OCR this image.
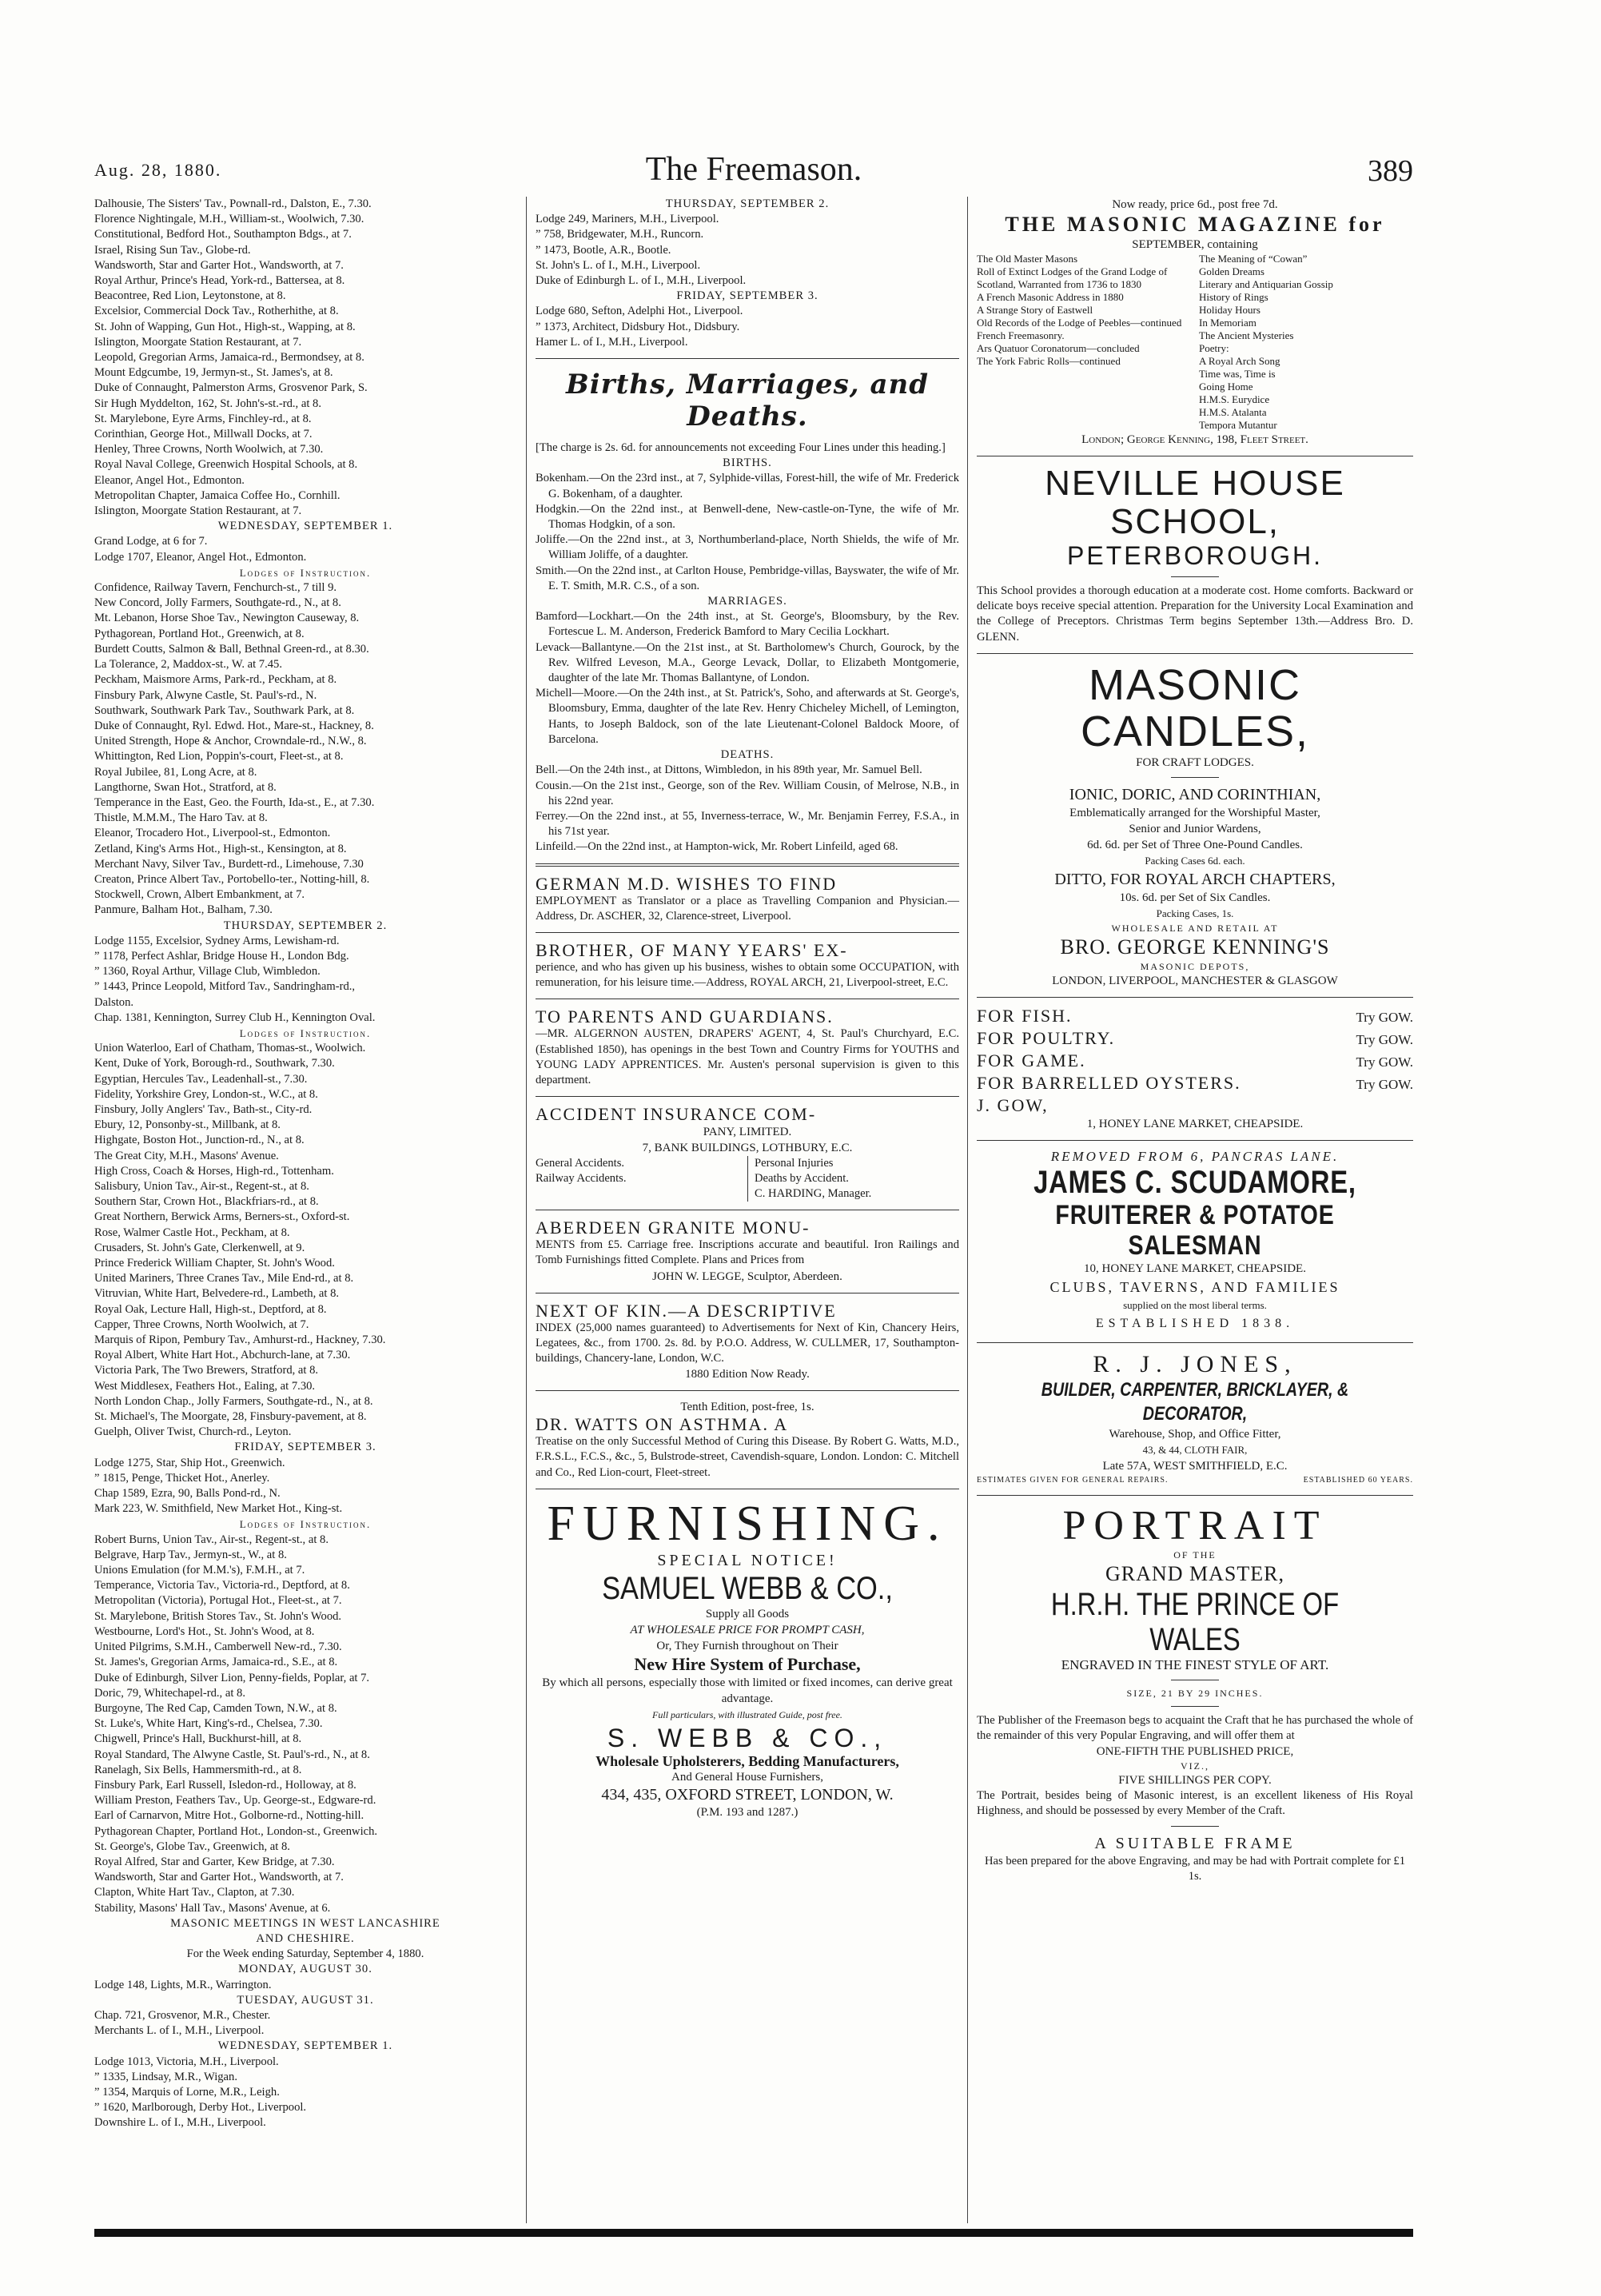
Aug. 28, 1880.	The Freemason.	389
Dalhousie, The Sisters' Tav., Pownall-rd., Dalston, E., 7.30.
Florence Nightingale, M.H., William-st., Woolwich, 7.30.
Constitutional, Bedford Hot., Southampton Bdgs., at 7.
Israel, Rising Sun Tav., Globe-rd.
Wandsworth, Star and Garter Hot., Wandsworth, at 7.
Royal Arthur, Prince's Head, York-rd., Battersea, at 8.
Beacontree, Red Lion, Leytonstone, at 8.
Excelsior, Commercial Dock Tav., Rotherhithe, at 8.
St. John of Wapping, Gun Hot., High-st., Wapping, at 8.
Islington, Moorgate Station Restaurant, at 7.
Leopold, Gregorian Arms, Jamaica-rd., Bermondsey, at 8.
Mount Edgcumbe, 19, Jermyn-st., St. James's, at 8.
Duke of Connaught, Palmerston Arms, Grosvenor Park, S.
Sir Hugh Myddelton, 162, St. John's-st.-rd., at 8.
St. Marylebone, Eyre Arms, Finchley-rd., at 8.
Corinthian, George Hot., Millwall Docks, at 7.
Henley, Three Crowns, North Woolwich, at 7.30.
Royal Naval College, Greenwich Hospital Schools, at 8.
Eleanor, Angel Hot., Edmonton.
Metropolitan Chapter, Jamaica Coffee Ho., Cornhill.
Islington, Moorgate Station Restaurant, at 7.
WEDNESDAY, SEPTEMBER 1.
Grand Lodge, at 6 for 7.
Lodge 1707, Eleanor, Angel Hot., Edmonton.
Lodges of Instruction.
Confidence, Railway Tavern, Fenchurch-st., 7 till 9.
New Concord, Jolly Farmers, Southgate-rd., N., at 8.
Mt. Lebanon, Horse Shoe Tav., Newington Causeway, 8.
Pythagorean, Portland Hot., Greenwich, at 8.
Burdett Coutts, Salmon & Ball, Bethnal Green-rd., at 8.30.
La Tolerance, 2, Maddox-st., W. at 7.45.
Peckham, Maismore Arms, Park-rd., Peckham, at 8.
Finsbury Park, Alwyne Castle, St. Paul's-rd., N.
Southwark, Southwark Park Tav., Southwark Park, at 8.
Duke of Connaught, Ryl. Edwd. Hot., Mare-st., Hackney, 8.
United Strength, Hope & Anchor, Crowndale-rd., N.W., 8.
Whittington, Red Lion, Poppin's-court, Fleet-st., at 8.
Royal Jubilee, 81, Long Acre, at 8.
Langthorne, Swan Hot., Stratford, at 8.
Temperance in the East, Geo. the Fourth, Ida-st., E., at 7.30.
Thistle, M.M.M., The Haro Tav. at 8.
Eleanor, Trocadero Hot., Liverpool-st., Edmonton.
Zetland, King's Arms Hot., High-st., Kensington, at 8.
Merchant Navy, Silver Tav., Burdett-rd., Limehouse, 7.30
Creaton, Prince Albert Tav., Portobello-ter., Notting-hill, 8.
Stockwell, Crown, Albert Embankment, at 7.
Panmure, Balham Hot., Balham, 7.30.
THURSDAY, SEPTEMBER 2.
Lodge 1155, Excelsior, Sydney Arms, Lewisham-rd.
” 1178, Perfect Ashlar, Bridge House H., London Bdg.
” 1360, Royal Arthur, Village Club, Wimbledon.
” 1443, Prince Leopold, Mitford Tav., Sandringham-rd.,
Dalston.
Chap. 1381, Kennington, Surrey Club H., Kennington Oval.
Lodges of Instruction.
Union Waterloo, Earl of Chatham, Thomas-st., Woolwich.
Kent, Duke of York, Borough-rd., Southwark, 7.30.
Egyptian, Hercules Tav., Leadenhall-st., 7.30.
Fidelity, Yorkshire Grey, London-st., W.C., at 8.
Finsbury, Jolly Anglers' Tav., Bath-st., City-rd.
Ebury, 12, Ponsonby-st., Millbank, at 8.
Highgate, Boston Hot., Junction-rd., N., at 8.
The Great City, M.H., Masons' Avenue.
High Cross, Coach & Horses, High-rd., Tottenham.
Salisbury, Union Tav., Air-st., Regent-st., at 8.
Southern Star, Crown Hot., Blackfriars-rd., at 8.
Great Northern, Berwick Arms, Berners-st., Oxford-st.
Rose, Walmer Castle Hot., Peckham, at 8.
Crusaders, St. John's Gate, Clerkenwell, at 9.
Prince Frederick William Chapter, St. John's Wood.
United Mariners, Three Cranes Tav., Mile End-rd., at 8.
Vitruvian, White Hart, Belvedere-rd., Lambeth, at 8.
Royal Oak, Lecture Hall, High-st., Deptford, at 8.
Capper, Three Crowns, North Woolwich, at 7.
Marquis of Ripon, Pembury Tav., Amhurst-rd., Hackney, 7.30.
Royal Albert, White Hart Hot., Abchurch-lane, at 7.30.
Victoria Park, The Two Brewers, Stratford, at 8.
West Middlesex, Feathers Hot., Ealing, at 7.30.
North London Chap., Jolly Farmers, Southgate-rd., N., at 8.
St. Michael's, The Moorgate, 28, Finsbury-pavement, at 8.
Guelph, Oliver Twist, Church-rd., Leyton.
FRIDAY, SEPTEMBER 3.
Lodge 1275, Star, Ship Hot., Greenwich.
” 1815, Penge, Thicket Hot., Anerley.
Chap 1589, Ezra, 90, Balls Pond-rd., N.
Mark 223, W. Smithfield, New Market Hot., King-st.
Lodges of Instruction.
Robert Burns, Union Tav., Air-st., Regent-st., at 8.
Belgrave, Harp Tav., Jermyn-st., W., at 8.
Unions Emulation (for M.M.'s), F.M.H., at 7.
Temperance, Victoria Tav., Victoria-rd., Deptford, at 8.
Metropolitan (Victoria), Portugal Hot., Fleet-st., at 7.
St. Marylebone, British Stores Tav., St. John's Wood.
Westbourne, Lord's Hot., St. John's Wood, at 8.
United Pilgrims, S.M.H., Camberwell New-rd., 7.30.
St. James's, Gregorian Arms, Jamaica-rd., S.E., at 8.
Duke of Edinburgh, Silver Lion, Penny-fields, Poplar, at 7.
Doric, 79, Whitechapel-rd., at 8.
Burgoyne, The Red Cap, Camden Town, N.W., at 8.
St. Luke's, White Hart, King's-rd., Chelsea, 7.30.
Chigwell, Prince's Hall, Buckhurst-hill, at 8.
Royal Standard, The Alwyne Castle, St. Paul's-rd., N., at 8.
Ranelagh, Six Bells, Hammersmith-rd., at 8.
Finsbury Park, Earl Russell, Isledon-rd., Holloway, at 8.
William Preston, Feathers Tav., Up. George-st., Edgware-rd.
Earl of Carnarvon, Mitre Hot., Golborne-rd., Notting-hill.
Pythagorean Chapter, Portland Hot., London-st., Greenwich.
St. George's, Globe Tav., Greenwich, at 8.
Royal Alfred, Star and Garter, Kew Bridge, at 7.30.
Wandsworth, Star and Garter Hot., Wandsworth, at 7.
Clapton, White Hart Tav., Clapton, at 7.30.
Stability, Masons' Hall Tav., Masons' Avenue, at 6.
MASONIC MEETINGS IN WEST LANCASHIRE
AND CHESHIRE.
For the Week ending Saturday, September 4, 1880.
MONDAY, AUGUST 30.
Lodge 148, Lights, M.R., Warrington.
TUESDAY, AUGUST 31.
Chap. 721, Grosvenor, M.R., Chester.
Merchants L. of I., M.H., Liverpool.
WEDNESDAY, SEPTEMBER 1.
Lodge 1013, Victoria, M.H., Liverpool.
” 1335, Lindsay, M.R., Wigan.
” 1354, Marquis of Lorne, M.R., Leigh.
” 1620, Marlborough, Derby Hot., Liverpool.
Downshire L. of I., M.H., Liverpool.
THURSDAY, SEPTEMBER 2.
Lodge 249, Mariners, M.H., Liverpool.
” 758, Bridgewater, M.H., Runcorn.
” 1473, Bootle, A.R., Bootle.
St. John's L. of I., M.H., Liverpool.
Duke of Edinburgh L. of I., M.H., Liverpool.
FRIDAY, SEPTEMBER 3.
Lodge 680, Sefton, Adelphi Hot., Liverpool.
” 1373, Architect, Didsbury Hot., Didsbury.
Hamer L. of I., M.H., Liverpool.
Births, Marriages, and Deaths.
[The charge is 2s. 6d. for announcements not exceeding Four Lines under this heading.]
BIRTHS.
Bokenham.—On the 23rd inst., at 7, Sylphide-villas, Forest-hill, the wife of Mr. Frederick G. Bokenham, of a daughter.
Hodgkin.—On the 22nd inst., at Benwell-dene, New-castle-on-Tyne, the wife of Mr. Thomas Hodgkin, of a son.
Joliffe.—On the 22nd inst., at 3, Northumberland-place, North Shields, the wife of Mr. William Joliffe, of a daughter.
Smith.—On the 22nd inst., at Carlton House, Pembridge-villas, Bayswater, the wife of Mr. E. T. Smith, M.R. C.S., of a son.
MARRIAGES.
Bamford—Lockhart.—On the 24th inst., at St. George's, Bloomsbury, by the Rev. Fortescue L. M. Anderson, Frederick Bamford to Mary Cecilia Lockhart.
Levack—Ballantyne.—On the 21st inst., at St. Bartholomew's Church, Gourock, by the Rev. Wilfred Leveson, M.A., George Levack, Dollar, to Elizabeth Montgomerie, daughter of the late Mr. Thomas Ballantyne, of London.
Michell—Moore.—On the 24th inst., at St. Patrick's, Soho, and afterwards at St. George's, Bloomsbury, Emma, daughter of the late Rev. Henry Chicheley Michell, of Lemington, Hants, to Joseph Baldock, son of the late Lieutenant-Colonel Baldock Moore, of Barcelona.
DEATHS.
Bell.—On the 24th inst., at Dittons, Wimbledon, in his 89th year, Mr. Samuel Bell.
Cousin.—On the 21st inst., George, son of the Rev. William Cousin, of Melrose, N.B., in his 22nd year.
Ferrey.—On the 22nd inst., at 55, Inverness-terrace, W., Mr. Benjamin Ferrey, F.S.A., in his 71st year.
Linfeild.—On the 22nd inst., at Hampton-wick, Mr. Robert Linfeild, aged 68.
GERMAN M.D. WISHES TO FIND
EMPLOYMENT as Translator or a place as Travelling Companion and Physician.—Address, Dr. ASCHER, 32, Clarence-street, Liverpool.
BROTHER, OF MANY YEARS' EX-
perience, and who has given up his business, wishes to obtain some OCCUPATION, with remuneration, for his leisure time.—Address, ROYAL ARCH, 21, Liverpool-street, E.C.
TO PARENTS AND GUARDIANS.
—MR. ALGERNON AUSTEN, DRAPERS' AGENT, 4, St. Paul's Churchyard, E.C. (Established 1850), has openings in the best Town and Country Firms for YOUTHS and YOUNG LADY APPRENTICES. Mr. Austen's personal supervision is given to this department.
ACCIDENT INSURANCE COM-
PANY, LIMITED.
7, BANK BUILDINGS, LOTHBURY, E.C.
General Accidents.
Railway Accidents.
Personal Injuries
Deaths by Accident.
C. HARDING, Manager.
ABERDEEN GRANITE MONU-
MENTS from £5. Carriage free. Inscriptions accurate and beautiful. Iron Railings and Tomb Furnishings fitted Complete. Plans and Prices from
JOHN W. LEGGE, Sculptor, Aberdeen.
NEXT OF KIN.—A DESCRIPTIVE
INDEX (25,000 names guaranteed) to Advertisements for Next of Kin, Chancery Heirs, Legatees, &c., from 1700. 2s. 8d. by P.O.O. Address, W. CULLMER, 17, Southampton-buildings, Chancery-lane, London, W.C.
1880 Edition Now Ready.
Tenth Edition, post-free, 1s.
DR. WATTS ON ASTHMA. A
Treatise on the only Successful Method of Curing this Disease. By Robert G. Watts, M.D., F.R.S.L., F.C.S., &c., 5, Bulstrode-street, Cavendish-square, London. London: C. Mitchell and Co., Red Lion-court, Fleet-street.
FURNISHING.
SPECIAL NOTICE!
SAMUEL WEBB & CO.,
Supply all Goods
AT WHOLESALE PRICE FOR PROMPT CASH,
Or, They Furnish throughout on Their
New Hire System of Purchase,
By which all persons, especially those with limited or fixed incomes, can derive great advantage.
Full particulars, with illustrated Guide, post free.
S. WEBB & CO.,
Wholesale Upholsterers, Bedding Manufacturers,
And General House Furnishers,
434, 435, OXFORD STREET, LONDON, W.
(P.M. 193 and 1287.)
Now ready, price 6d., post free 7d.
THE MASONIC MAGAZINE for
SEPTEMBER, containing
The Old Master Masons
Roll of Extinct Lodges of the Grand Lodge of Scotland, Warranted from 1736 to 1830
A French Masonic Address in 1880
A Strange Story of Eastwell
Old Records of the Lodge of Peebles—continued
French Freemasonry.
Ars Quatuor Coronatorum—concluded
The York Fabric Rolls—continued
The Meaning of “Cowan”
Golden Dreams
Literary and Antiquarian Gossip
History of Rings
Holiday Hours
In Memoriam
The Ancient Mysteries
Poetry:
A Royal Arch Song
Time was, Time is
Going Home
H.M.S. Eurydice
H.M.S. Atalanta
Tempora Mutantur
London; George Kenning, 198, Fleet Street.
NEVILLE HOUSE SCHOOL,
PETERBOROUGH.
This School provides a thorough education at a moderate cost. Home comforts. Backward or delicate boys receive special attention. Preparation for the University Local Examination and the College of Preceptors. Christmas Term begins September 13th.—Address Bro. D. GLENN.
MASONIC CANDLES,
FOR CRAFT LODGES.
IONIC, DORIC, AND CORINTHIAN,
Emblematically arranged for the Worshipful Master,
Senior and Junior Wardens,
6d. 6d. per Set of Three One-Pound Candles.
Packing Cases 6d. each.
DITTO, FOR ROYAL ARCH CHAPTERS,
10s. 6d. per Set of Six Candles.
Packing Cases, 1s.
WHOLESALE AND RETAIL AT
BRO. GEORGE KENNING'S
MASONIC DEPOTS,
LONDON, LIVERPOOL, MANCHESTER & GLASGOW
FOR FISH.	Try GOW.
FOR POULTRY.	Try GOW.
FOR GAME.	Try GOW.
FOR BARRELLED OYSTERS.	Try GOW.
J. GOW,
1, HONEY LANE MARKET, CHEAPSIDE.
REMOVED FROM 6, PANCRAS LANE.
JAMES C. SCUDAMORE,
FRUITERER & POTATOE SALESMAN
10, HONEY LANE MARKET, CHEAPSIDE.
CLUBS, TAVERNS, AND FAMILIES
supplied on the most liberal terms.
ESTABLISHED 1838.
R. J. JONES,
BUILDER, CARPENTER, BRICKLAYER, & DECORATOR,
Warehouse, Shop, and Office Fitter,
43, & 44, CLOTH FAIR,
Late 57A, WEST SMITHFIELD, E.C.
ESTIMATES GIVEN FOR GENERAL REPAIRS.	ESTABLISHED 60 YEARS.
PORTRAIT
OF THE
GRAND MASTER,
H.R.H. THE PRINCE OF WALES
ENGRAVED IN THE FINEST STYLE OF ART.
SIZE, 21 BY 29 INCHES.
The Publisher of the Freemason begs to acquaint the Craft that he has purchased the whole of the remainder of this very Popular Engraving, and will offer them at
ONE-FIFTH THE PUBLISHED PRICE,
VIZ.,
FIVE SHILLINGS PER COPY.
The Portrait, besides being of Masonic interest, is an excellent likeness of His Royal Highness, and should be possessed by every Member of the Craft.
A SUITABLE FRAME
Has been prepared for the above Engraving, and may be had with Portrait complete for £1 1s.
